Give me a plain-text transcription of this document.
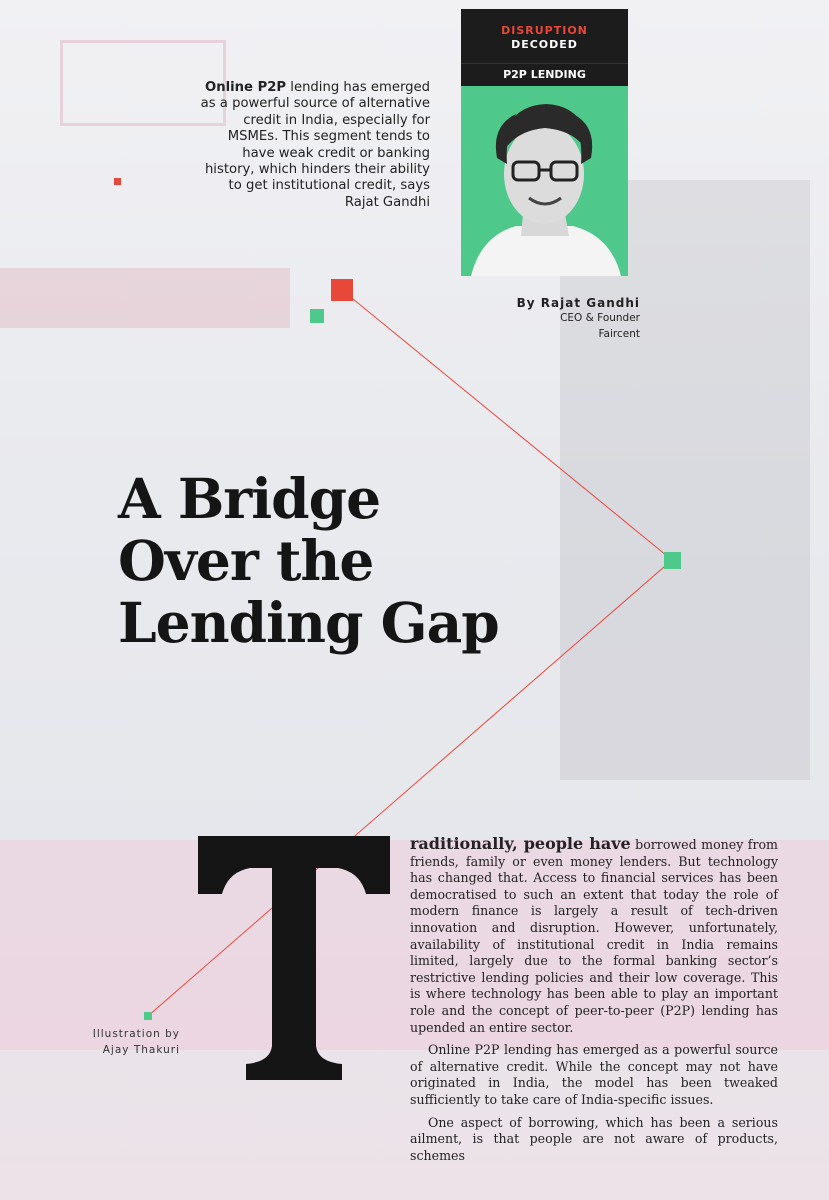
DISRUPTION
DECODED
P2P LENDING
Online P2P lending has emerged as a powerful source of alternative credit in India, especially for MSMEs. This segment tends to have weak credit or banking history, which hinders their ability to get institutional credit, says Rajat Gandhi
By Rajat Gandhi
CEO & Founder
Faircent
A Bridge
Over the
Lending Gap

raditionally, people have borrowed money from friends, family or even money lenders. But technology has changed that. Access to financial services has been democratised to such an extent that today the role of modern finance is largely a result of tech-driven innovation and disruption. However, unfortunately, availability of institutional credit in India remains limited, largely due to the formal banking sector’s restrictive lending policies and their low coverage. This is where technology has been able to play an important role and the concept of peer-to-peer (P2P) lending has upended an entire sector.

Online P2P lending has emerged as a powerful source of alternative credit. While the concept may not have originated in India, the model has been tweaked sufficiently to take care of India-specific issues.

One aspect of borrowing, which has been a serious ailment, is that people are not aware of products, schemes

Illustration by
Ajay Thakuri
